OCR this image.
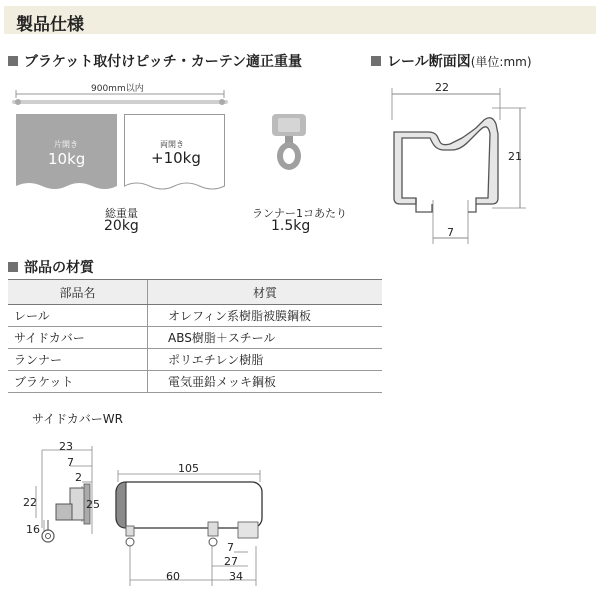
製品仕様
ブラケット取付けピッチ・カーテン適正重量
900mm以内
片開き
10kg
両開き
+10kg
総重量
20kg
ランナー1コあたり
1.5kg
レール断面図(単位:mm)
22
21
7
部品の材質
部品名	材質
レール	オレフィン系樹脂被膜鋼板
サイドカバー	ABS樹脂＋スチール
ランナー	ポリエチレン樹脂
ブラケット	電気亜鉛メッキ鋼板
サイドカバーWR
23
7
2
22	25
16
105
7
27
60	34
